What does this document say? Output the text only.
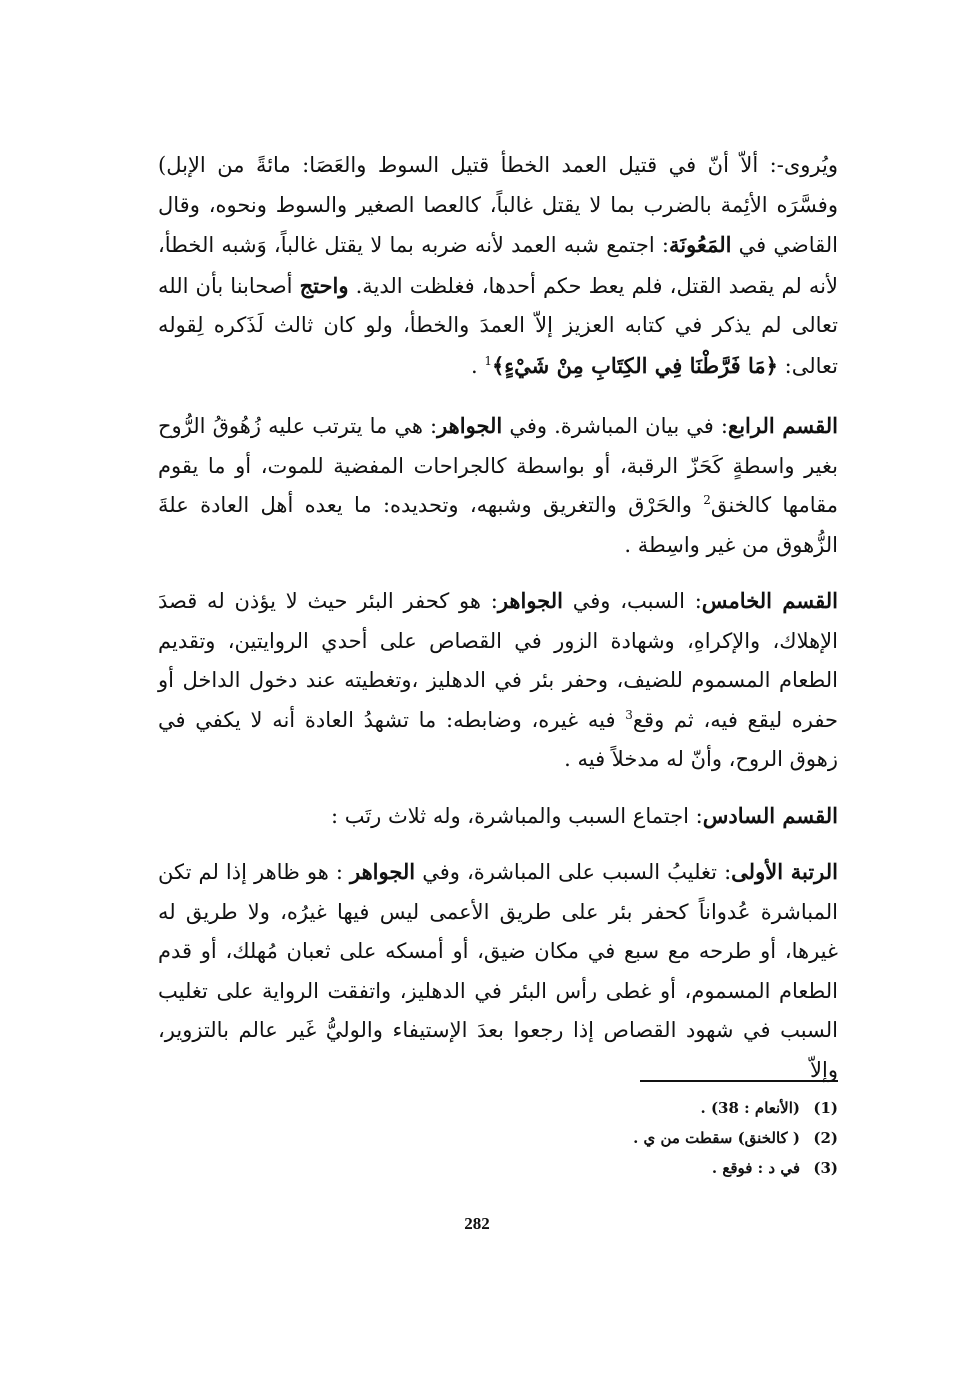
ويُروى-: ألاّ أنّ في قتيل العمد الخطأ قتيل السوط والعَصَا: مائةً من الإبل) وفسَّرَه الأئِمة بالضرب بما لا يقتل غالباً، كالعصا الصغير والسوط ونحوه، وقال القاضي في المَعُونَة: اجتمع شبه العمد لأنه ضربه بما لا يقتل غالباً، وَشبه الخطأ، لأنه لم يقصد القتل، فلم يعط حكم أحدها، فغلظت الدية. واحتج أصحابنا بأن الله تعالى لم يذكر في كتابه العزيز إلاّ العمدَ والخطأ، ولو كان ثالث لَذَكره لِقوله تعالى: ﴿مَا فَرَّطْنَا فِي الكِتَابِ مِنْ شَيْءٍ﴾$^1$ .

القسم الرابع: في بيان المباشرة. وفي الجواهر: هي ما يترتب عليه زُهُوقُ الرُّوح بغير واسطةٍ كَحَزّ الرقبة، أو بواسطة كالجراحات المفضية للموت، أو ما يقوم مقامها كالخنق$^2$ والحَرْق والتغريق وشبهه، وتحديده: ما يعده أهل العادة علةَ الزُّهوق من غير واسِطة .

القسم الخامس: السبب، وفي الجواهر: هو كحفر البئر حيث لا يؤذن له قصدَ الإهلاك، والإكراهِ، وشهادة الزور في القصاص على أحدي الروايتين، وتقديم الطعام المسموم للضيف، وحفر بئر في الدهليز ،وتغطيته عند دخول الداخل أو حفره ليقع فيه، ثم وقع$^3$ فيه غيره، وضابطه: ما تشهدُ العادة أنه لا يكفي في زهوق الروح، وأنّ له مدخلاً فيه .

القسم السادس: اجتماع السبب والمباشرة، وله ثلاث رتَب :

الرتبة الأولى: تغليبُ السبب على المباشرة، وفي الجواهر : هو ظاهر إذا لم تكن المباشرة عُدواناً كحفر بئر على طريق الأعمى ليس فيها غيرُه، ولا طريق له غيرها، أو طرحه مع سبع في مكان ضيق، أو أمسكه على ثعبان مُهلك، أو قدم الطعام المسموم، أو غطى رأس البئر في الدهليز، واتفقت الرواية على تغليب السبب في شهود القصاص إذا رجعوا بعدَ الإستيفاء والوليُّ غَير عالم بالتزوير، وإلاّ

(1)
(الأنعام : 38) .
(2)
( كالخنق) سقطت من ي .
(3)
في د : فوقع .
282
